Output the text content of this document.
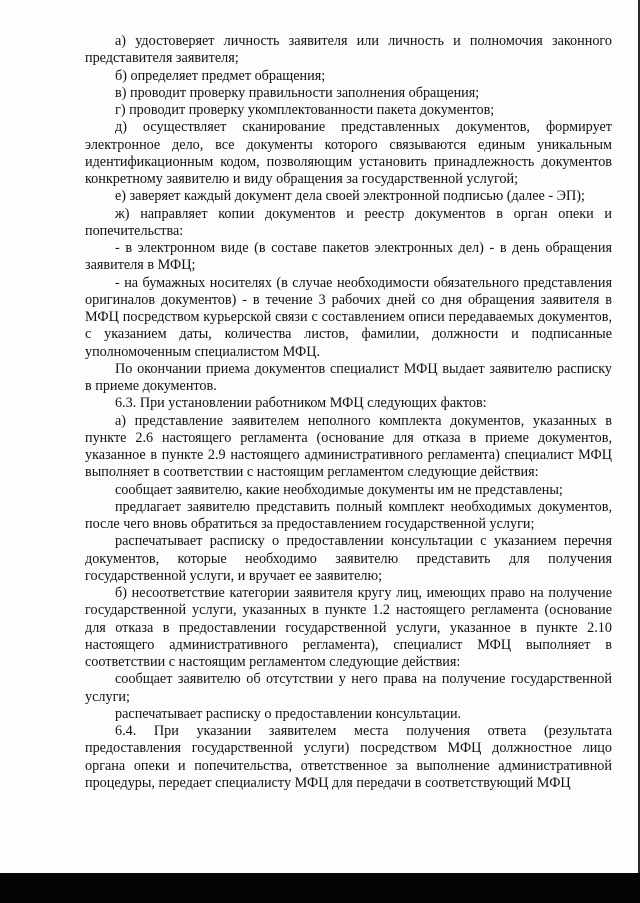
а) удостоверяет личность заявителя или личность и полномочия законного представителя заявителя;

б) определяет предмет обращения;

в) проводит проверку правильности заполнения обращения;

г) проводит проверку укомплектованности пакета документов;

д) осуществляет сканирование представленных документов, формирует электронное дело, все документы которого связываются единым уникальным идентификационным кодом, позволяющим установить принадлежность документов конкретному заявителю и виду обращения за государственной услугой;

е) заверяет каждый документ дела своей электронной подписью (далее - ЭП);

ж) направляет копии документов и реестр документов в орган опеки и попечительства:

- в электронном виде (в составе пакетов электронных дел) - в день обращения заявителя в МФЦ;

- на бумажных носителях (в случае необходимости обязательного представления оригиналов документов) - в течение 3 рабочих дней со дня обращения заявителя в МФЦ посредством курьерской связи с составлением описи передаваемых документов, с указанием даты, количества листов, фамилии, должности и подписанные уполномоченным специалистом МФЦ.

По окончании приема документов специалист МФЦ выдает заявителю расписку в приеме документов.

6.3. При установлении работником МФЦ следующих фактов:

а) представление заявителем неполного комплекта документов, указанных в пункте 2.6 настоящего регламента (основание для отказа в приеме документов, указанное в пункте 2.9 настоящего административного регламента) специалист МФЦ выполняет в соответствии с настоящим регламентом следующие действия:

сообщает заявителю, какие необходимые документы им не представлены;

предлагает заявителю представить полный комплект необходимых документов, после чего вновь обратиться за предоставлением государственной услуги;

распечатывает расписку о предоставлении консультации с указанием перечня документов, которые необходимо заявителю представить для получения государственной услуги, и вручает ее заявителю;

б) несоответствие категории заявителя кругу лиц, имеющих право на получение государственной услуги, указанных в пункте 1.2 настоящего регламента (основание для отказа в предоставлении государственной услуги, указанное в пункте 2.10 настоящего административного регламента), специалист МФЦ выполняет в соответствии с настоящим регламентом следующие действия:

сообщает заявителю об отсутствии у него права на получение государственной услуги;

распечатывает расписку о предоставлении консультации.

6.4. При указании заявителем места получения ответа (результата предоставления государственной услуги) посредством МФЦ должностное лицо органа опеки и попечительства, ответственное за выполнение административной процедуры, передает специалисту МФЦ для передачи в соответствующий МФЦ
